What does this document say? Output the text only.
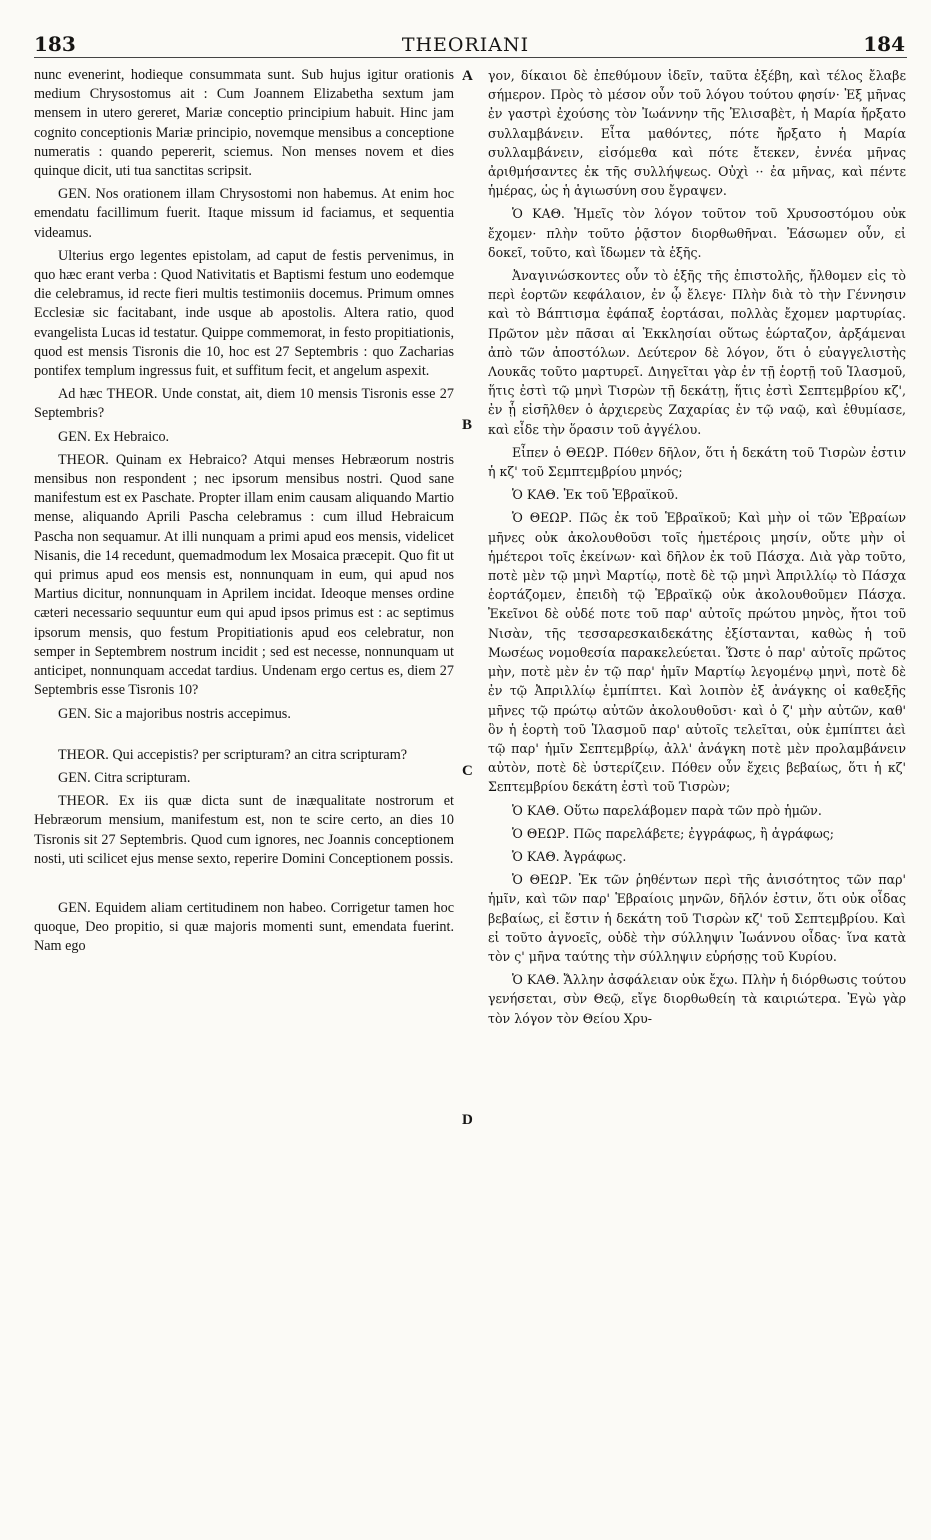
183	THEORIANI	184
A
B
C
D

nunc evenerint, hodieque consummata sunt. Sub hujus igitur orationis medium Chrysostomus ait : Cum Joannem Elizabetha sextum jam mensem in utero gereret, Mariæ conceptio principium habuit. Hinc jam cognito conceptionis Mariæ principio, novemque mensibus a conceptione numeratis : quando pepererit, sciemus. Non menses novem et dies quinque dicit, uti tua sanctitas scripsit.

GEN. Nos orationem illam Chrysostomi non habemus. At enim hoc emendatu facillimum fuerit. Itaque missum id faciamus, et sequentia videamus.

Ulterius ergo legentes epistolam, ad caput de festis pervenimus, in quo hæc erant verba : Quod Nativitatis et Baptismi festum uno eodemque die celebramus, id recte fieri multis testimoniis docemus. Primum omnes Ecclesiæ sic facitabant, inde usque ab apostolis. Altera ratio, quod evangelista Lucas id testatur. Quippe commemorat, in festo propitiationis, quod est mensis Tisronis die 10, hoc est 27 Septembris : quo Zacharias pontifex templum ingressus fuit, et suffitum fecit, et angelum aspexit.

Ad hæc THEOR. Unde constat, ait, diem 10 mensis Tisronis esse 27 Septembris?

GEN. Ex Hebraico.

THEOR. Quinam ex Hebraico? Atqui menses Hebræorum nostris mensibus non respondent ; nec ipsorum mensibus nostri. Quod sane manifestum est ex Paschate. Propter illam enim causam aliquando Martio mense, aliquando Aprili Pascha celebramus : cum illud Hebraicum Pascha non sequamur. At illi nunquam a primi apud eos mensis, videlicet Nisanis, die 14 recedunt, quemadmodum lex Mosaica præcepit. Quo fit ut qui primus apud eos mensis est, nonnunquam in eum, qui apud nos Martius dicitur, nonnunquam in Aprilem incidat. Ideoque menses ordine cæteri necessario sequuntur eum qui apud ipsos primus est : ac septimus ipsorum mensis, quo festum Propitiationis apud eos celebratur, non semper in Septembrem nostrum incidit ; sed est necesse, nonnunquam ut anticipet, nonnunquam accedat tardius. Undenam ergo certus es, diem 27 Septembris esse Tisronis 10?

GEN. Sic a majoribus nostris accepimus.

THEOR. Qui accepistis? per scripturam? an citra scripturam?

GEN. Citra scripturam.

THEOR. Ex iis quæ dicta sunt de inæqualitate nostrorum et Hebræorum mensium, manifestum est, non te scire certo, an dies 10 Tisronis sit 27 Septembris. Quod cum ignores, nec Joannis conceptionem nosti, uti scilicet ejus mense sexto, reperire Domini Conceptionem possis.

GEN. Equidem aliam certitudinem non habeo. Corrigetur tamen hoc quoque, Deo propitio, si quæ majoris momenti sunt, emendata fuerint. Nam ego

γον, δίκαιοι δὲ ἐπεθύμουν ἰδεῖν, ταῦτα ἐξέβη, καὶ τέλος ἔλαβε σήμερον. Πρὸς τὸ μέσον οὖν τοῦ λόγου τούτου φησίν· Ἐξ μῆνας ἐν γαστρὶ ἐχούσης τὸν Ἰωάννην τῆς Ἐλισαβὲτ, ἡ Μαρία ἤρξατο συλλαμβάνειν. Εἶτα μαθόντες, πότε ἤρξατο ἡ Μαρία συλλαμβάνειν, εἰσόμεθα καὶ πότε ἔτεκεν, ἐννέα μῆνας ἀριθμήσαντες ἐκ τῆς συλλήψεως. Οὐχὶ ·· ἐα μῆνας, καὶ πέντε ἡμέρας, ὡς ἡ ἁγιωσύνη σου ἔγραψεν.

Ὁ ΚΑΘ. Ἡμεῖς τὸν λόγον τοῦτον τοῦ Χρυσοστόμου οὐκ ἔχομεν· πλὴν τοῦτο ῥᾷστον διορθωθῆναι. Ἐάσωμεν οὖν, εἰ δοκεῖ, τοῦτο, καὶ ἴδωμεν τὰ ἑξῆς.

Ἀναγινώσκοντες οὖν τὸ ἑξῆς τῆς ἐπιστολῆς, ἤλθομεν εἰς τὸ περὶ ἑορτῶν κεφάλαιον, ἐν ᾧ ἔλεγε· Πλὴν διὰ τὸ τὴν Γέννησιν καὶ τὸ Βάπτισμα ἐφάπαξ ἑορτάσαι, πολλὰς ἔχομεν μαρτυρίας. Πρῶτον μὲν πᾶσαι αἱ Ἐκκλησίαι οὕτως ἑώρταζον, ἀρξάμεναι ἀπὸ τῶν ἀποστόλων. Δεύτερον δὲ λόγον, ὅτι ὁ εὐαγγελιστὴς Λουκᾶς τοῦτο μαρτυρεῖ. Διηγεῖται γὰρ ἐν τῇ ἑορτῇ τοῦ Ἱλασμοῦ, ἥτις ἐστὶ τῷ μηνὶ Τισρὼν τῇ δεκάτῃ, ἥτις ἐστὶ Σεπτεμβρίου κζ', ἐν ᾗ εἰσῆλθεν ὁ ἀρχιερεὺς Ζαχαρίας ἐν τῷ ναῷ, καὶ ἐθυμίασε, καὶ εἶδε τὴν ὅρασιν τοῦ ἀγγέλου.

Εἶπεν ὁ ΘΕΩΡ. Πόθεν δῆλον, ὅτι ἡ δεκάτη τοῦ Τισρὼν ἐστιν ἡ κζ' τοῦ Σεμπτεμβρίου μηνός;

Ὁ ΚΑΘ. Ἐκ τοῦ Ἑβραϊκοῦ.

Ὁ ΘΕΩΡ. Πῶς ἐκ τοῦ Ἑβραϊκοῦ; Καὶ μὴν οἱ τῶν Ἑβραίων μῆνες οὐκ ἀκολουθοῦσι τοῖς ἡμετέροις μησίν, οὔτε μὴν οἱ ἡμέτεροι τοῖς ἐκείνων· καὶ δῆλον ἐκ τοῦ Πάσχα. Διὰ γὰρ τοῦτο, ποτὲ μὲν τῷ μηνὶ Μαρτίῳ, ποτὲ δὲ τῷ μηνὶ Ἀπριλλίῳ τὸ Πάσχα ἑορτάζομεν, ἐπειδὴ τῷ Ἑβραϊκῷ οὐκ ἀκολουθοῦμεν Πάσχα. Ἐκεῖνοι δὲ οὐδέ ποτε τοῦ παρ' αὐτοῖς πρώτου μηνὸς, ἤτοι τοῦ Νισὰν, τῆς τεσσαρεσκαιδεκάτης ἐξίστανται, καθὼς ἡ τοῦ Μωσέως νομοθεσία παρακελεύεται. Ὥστε ὁ παρ' αὐτοῖς πρῶτος μὴν, ποτὲ μὲν ἐν τῷ παρ' ἡμῖν Μαρτίῳ λεγομένῳ μηνὶ, ποτὲ δὲ ἐν τῷ Ἀπριλλίῳ ἐμπίπτει. Καὶ λοιπὸν ἐξ ἀνάγκης οἱ καθεξῆς μῆνες τῷ πρώτῳ αὐτῶν ἀκολουθοῦσι· καὶ ὁ ζ' μὴν αὐτῶν, καθ' ὃν ἡ ἑορτὴ τοῦ Ἱλασμοῦ παρ' αὐτοῖς τελεῖται, οὐκ ἐμπίπτει ἀεὶ τῷ παρ' ἡμῖν Σεπτεμβρίῳ, ἀλλ' ἀνάγκη ποτὲ μὲν προλαμβάνειν αὐτὸν, ποτὲ δὲ ὑστερίζειν. Πόθεν οὖν ἔχεις βεβαίως, ὅτι ἡ κζ' Σεπτεμβρίου δεκάτη ἐστὶ τοῦ Τισρὼν;

Ὁ ΚΑΘ. Οὕτω παρελάβομεν παρὰ τῶν πρὸ ἡμῶν.

Ὁ ΘΕΩΡ. Πῶς παρελάβετε; ἐγγράφως, ἢ ἀγράφως;

Ὁ ΚΑΘ. Ἀγράφως.

Ὁ ΘΕΩΡ. Ἐκ τῶν ῥηθέντων περὶ τῆς ἀνισότητος τῶν παρ' ἡμῖν, καὶ τῶν παρ' Ἑβραίοις μηνῶν, δῆλόν ἐστιν, ὅτι οὐκ οἶδας βεβαίως, εἰ ἔστιν ἡ δεκάτη τοῦ Τισρὼν κζ' τοῦ Σεπτεμβρίου. Καὶ εἰ τοῦτο ἀγνοεῖς, οὐδὲ τὴν σύλληψιν Ἰωάννου οἶδας· ἵνα κατὰ τὸν ς' μῆνα ταύτης τὴν σύλληψιν εὑρήσῃς τοῦ Κυρίου.

Ὁ ΚΑΘ. Ἄλλην ἀσφάλειαν οὐκ ἔχω. Πλὴν ἡ διόρθωσις τούτου γενήσεται, σὺν Θεῷ, εἴγε διορθωθείη τὰ καιριώτερα. Ἐγὼ γὰρ τὸν λόγον τὸν Θείου Χρυ-
